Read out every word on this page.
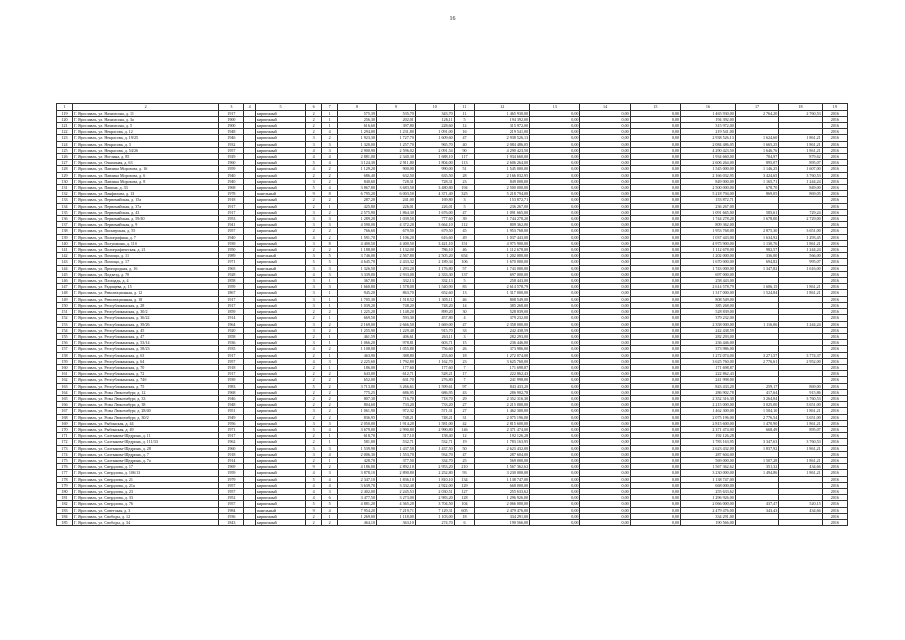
16
1	2	3	4	5	6	7	8	9	10	11	12	13	14	15	16	17	18	19
119	Г. Ярославль, ул. Нахимсона, д. 11	1917		кирпичный	2	1	575,39	535,70	343,70	11	1 465 930,00	0,00	0,00	0,00	1 465 930,00	2 764,20	2 760,53	2016
120	Г. Ярославль, ул. Нахимсона, д. 3а	1900		кирпичный	2	1	256,30	202,01	126,11	5	194 392,00	0,00	0,00	0,00	194 392,00			2016
121	Г. Ярославль, ул. Нахимсона, д. 5	1900		кирпичный	2	1	616,60	397,80	228,60	12	315 972,00	0,00	0,00	0,00	315 972,00			2016
122	Г. Ярославль, ул. Некрасова, д. 12	1948		кирпичный	2	4	1 294,00	1 231,80	1 091,00	16	219 541,00	0,00	0,00	0,00	219 541,00			2016
123	Г. Ярославль, ул. Некрасова, д. 19/25	1946		кирпичный	3	2	1 923,30	1 727,70	1 609,60	47	2 938 526,13	0,00	0,00	0,00	2 938 526,13	1 624,60	1 861,21	2016
124	Г. Ярославль, ул. Некрасова, д. 3	1932		кирпичный	3	3	1 320,00	1 257,70	965,70	40	2 084 486,05	0,00	0,00	0,00	2 084 486,05	1 665,25	1 861,21	2016
125	Г. Ярославль, ул. Некрасова, д. 54/26	1957		кирпичный	4	3	2 900,90	2 596,02	2 091,54	90	4 290 423,50	0,00	0,00	0,00	4 290 423,50	1 646,76	1 861,21	2016
126	Г. Ярославль, ул. Ноглина, д. 85	1929		кирпичный	4	4	2 881,00	2 340,30	1 688,10	117	1 934 660,00	0,00	0,00	0,00	1 934 660,00	704,97	879,62	2016
127	Г. Ярославль, ул. Очкошная, д. 63	1960		кирпичный	5	4	3 124,30	2 911,80	1 804,00	113	2 606 264,00	0,00	0,00	0,00	2 606 264,00	895,07	895,07	2016
128	Г. Ярославль, ул. Павлика Морозова, д. 16	1959		кирпичный	4	2	1 129,20	900,00	990,00	51	1 545 000,00	0,00	0,00	0,00	1 545 000,00	1 146,25	1 607,00	2016
129	Г. Ярославль, ул. Павлика Морозова, д. 6	1940		кирпичный	2	2	686,40	632,50	635,50	28	2 166 032,95	0,00	0,00	0,00	2 166 032,95	3 424,65	3 760,53	2016
130	Г. Ярославль, ул. Павлика Морозова, д. 8	1940		кирпичный	3	2	840,60	728,31	728,31	23	849 000,00	0,00	0,00	0,00	849 000,00	1 165,71	1 244,24	2016
131	Г. Ярославль, ул. Папина, д. 33	1968		кирпичный	5	4	3 867,80	3 683,50	3 480,80	194	2 500 000,00	0,00	0,00	0,00	2 500 000,00	678,70	849,00	2016
132	Г. Ярославль, ул. Панфилова, д. 13	1978		панельный	9	8	6 795,20	6 003,50	4 371,40	325	5 218 794,00	0,00	0,00	0,00	5 218 794,00	869,05	869,05	2016
133	Г. Ярославль, ул. Первомайская, д. 15а	1918		кирпичный	2	2	287,20	241,00	169,80	3	153 872,71	0,00	0,00	0,00	153 872,71			2016
134	Г. Ярославль, ул. Первомайская, д. 37а	1917		кирпичный	2	1	425,80	226,01	226,01	5	236 267,00	0,00	0,00	0,00	236 267,00			2016
135	Г. Ярославль, ул. Первомайская, д. 43	1917		кирпичный	3	2	2 575,90	1 864,30	1 676,00	47	1 091 665,00	0,00	0,00	0,00	1 091 665,00	585,61	729,24	2016
136	Г. Ярославль, ул. Первомайская, д. 59/40	1953		кирпичный	3	3	1 289,20	1 039,50	777,60	39	1 744 278,20	0,00	0,00	0,00	1 744 278,20	1 678,00	2 729,00	2016
137	Г. Ярославль, ул. Первомайская, д. 9	1941		кирпичный	3	3	4 590,00	4 372,20	3 664,10	112	809 362,00	0,00	0,00	0,00	809 362,00			2016
138	Г. Ярославль, ул. Пионерская, д. 55	1957		кирпичный	2	2	766,60	679,50	679,50	45	1 953 768,00	0,00	0,00	0,00	1 953 768,00	2 875,30	3 651,00	2016
139	Г. Ярославль, ул. Полиграфная, д. 7	1940		кирпичный	4	2	1 591,70	1 106,20	616,60	49	1 037 443,00	0,00	0,00	0,00	1 037 443,00	1 634,92	1 293,45	2016
140	Г. Ярославль, ул. Полушкина, д. 11б	1939		кирпичный	3	8	4 400,50	4 400,50	3 421,10	151	4 975 900,00	0,00	0,00	0,00	4 975 900,00	1 130,76	1 861,21	2016
141	Г. Ярославль, ул. Полиграфическая, д. 21	1950		кирпичный	2	2	1 188,00	1 132,00	786,10	46	1 112 678,00	0,00	0,00	0,00	1 112 678,00	982,57	1 244,24	2016
142	Г. Ярославль, ул. Помоща, д. 11	1989		панельный	3	5	3 746,00	2 567,80	2 505,20	654	1 202 000,00	0,00	0,00	0,00	1 202 000,00	336,00	566,00	2016
143	Г. Ярославль, ул. Помоща, д. 17	1971		кирпичный	5	5	4 645,70	2 433,32	2 189,34	106	1 670 000,00	0,00	0,00	0,00	1 670 000,00	694,82	995,07	2016
144	Г. Ярославль, ул. Пригородная, д. 16	1965		панельный	3	3	1 326,50	1 293,20	1 176,80	57	1 743 000,00	0,00	0,00	0,00	1 743 000,00	1 347,82	1 616,00	2016
145	Г. Ярославль, ул. Подъезд, д. 70	1928		кирпичный	4	3	3 339,00	2 933,00	2 333,30	137	697 000,00	0,00	0,00	0,00	697 000,00			2016
146	Г. Ярославль, ул. Площадь, д. 4	1858		кирпичный	3	1	367,80	332,13	332,13	5	258 443,00	0,00	0,00	0,00	258 443,00			2016
147	Г. Ярославль, ул. Радищева, д. 15	1959		кирпичный	3	3	1 660,80	1 578,00	1 540,90	83	2 614 578,79	0,00	0,00	0,00	2 614 578,79	1 606,15	1 861,21	2016
148	Г. Ярославль, ул. Революционная, д. 12	1867		кирпичный	3	1	945,20	863,70	652,60	13	1 317 000,00	0,00	0,00	0,00	1 317 000,00	1 524,84	1 861,21	2016
149	Г. Ярославль, ул. Революционная, д. 18	1917		кирпичный	3	1	1 705,30	1 518,52	1 305,11	46	808 549,00	0,00	0,00	0,00	808 549,00			2016
150	Г. Ярославль, ул. Республиканская, д. 28	1917		кирпичный	3	1	1 039,20	748,20	748,20	14	385 268,00	0,00	0,00	0,00	385 268,00			2016
151	Г. Ярославль, ул. Республиканская, д. 30/2	1859		кирпичный	2	2	1 225,20	1 148,20	899,20	30	528 839,00	0,00	0,00	0,00	528 839,00			2016
152	Г. Ярославль, ул. Республиканская, д. 36/22	1914		кирпичный	2	1	669,50	593,30	457,80	4	379 232,00	0,00	0,00	0,00	379 232,00			2016
153	Г. Ярославль, ул. Республиканская, д. 39/26	1964		кирпичный	3	2	2 169,00	2 666,50	1 669,00	47	2 358 000,00	0,00	0,00	0,00	2 358 000,00	1 116,06	1 244,24	2016
154	Г. Ярославль, ул. Республиканская, д. 45	1920		кирпичный	3	2	1 255,90	1 229,40	915,70	33	242 438,59	0,00	0,00	0,00	242 438,59			2016
155	Г. Ярославль, ул. Республиканская, д. 47	1858		кирпичный	2	1	461,59	406,61	263,11	3	282 293,00	0,00	0,00	0,00	282 293,00			2016
156	Г. Ярославль, ул. Республиканская, д. 53/14	1936		кирпичный	3	1	1 066,20	978,81	603,71	15	236 446,00	0,00	0,00	0,00	236 446,00			2016
157	Г. Ярославль, ул. Республиканская, д. 58/23	1935		кирпичный	4	2	1 108,00	1 055,80	756,60	26	373 986,00	0,00	0,00	0,00	373 986,00			2016
158	Г. Ярославль, ул. Республиканская, д. 63	1917		кирпичный	2	1	463,90	388,80	253,60	18	1 272 074,00	0,00	0,00	0,00	1 272 074,00	3 271,57	3 774,37	2016
159	Г. Ярославль, ул. Республиканская, д. 64	1957		кирпичный	4	3	2 225,60	1 792,80	1 162,70	23	3 625 760,00	0,00	0,00	0,00	3 625 760,00	2 776,61	2 952,00	2016
160	Г. Ярославль, ул. Республиканская, д. 70	1918		кирпичный	2	1	186,00	177,60	177,60	7	171 698,87	0,00	0,00	0,00	171 698,87			2016
161	Г. Ярославль, ул. Республиканская, д. 72	1917		кирпичный	2	2	643,00	612,71	528,21	17	222 862,43	0,00	0,00	0,00	222 862,43			2016
162	Г. Ярославль, ул. Республиканская, д. 74б	1939		кирпичный	2	2	652,00	631,70	276,80	7	241 998,00	0,00	0,00	0,00	241 998,00			2016
163	Г. Ярославль, ул. Республиканская, д. 75	1983		кирпичный	5	2	3 713,80	3 266,61	1 599,61	97	843 433,20	0,00	0,00	0,00	843 433,20	259,17	869,00	2016
164	Г. Ярославль, ул. Розы Люксембург, д. 12	1968		кирпичный	2	2	775,25	686,95	686,95	43	286 902,78	0,00	0,00	0,00	286 902,78	417,64	915,86	2016
165	Г. Ярославль, ул. Розы Люксембург, д. 33	1946		кирпичный	2	2	807,30	716,70	718,70	29	2 352 316,30	0,00	0,00	0,00	2 352 316,30	3 264,84	3 760,53	2016
166	Г. Ярославль, ул. Розы Люксембург, д. 38	1948		кирпичный	2	2	804,60	733,20	733,20	27	2 215 000,00	0,00	0,00	0,00	2 215 000,00	3 025,00	3 651,00	2016
167	Г. Ярославль, ул. Розы Люксембург, д. 28/40	1951		кирпичный	3	2	1 061,90	972,32	571,31	27	1 462 300,00	0,00	0,00	0,00	1 462 300,00	1 504,10	1 861,21	2016
168	Г. Ярославль, ул. Розы Люксембург, д. 30/2	1949		кирпичный	2	2	836,95	748,21	748,21	31	2 075 196,00	0,00	0,00	0,00	2 075 196,00	2 776,54	3 651,00	2016
169	Г. Ярославль, ул. Рыбинская, д. 44	1956		кирпичный	3	3	2 050,00	1 914,20	1 581,00	42	2 815 600,00	0,00	0,00	0,00	2 815 600,00	1 470,90	1 861,21	2016
170	Г. Ярославль, ул. Рыбинская, д. 49	1971		кирпичный	5	4	3 679,00	2 990,80	2 990,80	146	2 371 474,00	0,00	0,00	0,00	2 371 474,00	668,49	895,07	2016
171	Г. Ярославль, ул. Салтыкова-Щедрина, д. 11	1917		кирпичный	2	1	618,70	317,10	158,40	12	192 126,28	0,00	0,00	0,00	192 126,28			2016
172	Г. Ярославль, ул. Салтыкова-Щедрина, д. 111/33	1962		кирпичный	2	1	581,00	532,71	532,71	19	1 783 163,95	0,00	0,00	0,00	1 783 163,95	3 347,63	3 760,53	2016
173	Г. Ярославль, ул. Салтыкова-Щедрина, д. 28	1960		кирпичный	3	3	1 539,90	1 437,50	1 437,50	50	2 623 432,00	0,00	0,00	0,00	2 623 432,00	1 837,92	1 861,21	2016
174	Г. Ярославль, ул. Салтыкова-Щедрина, д. 7	1918		кирпичный	3	4	2 006,30	1 553,70	934,70	47	287 604,00	0,00	0,00	0,00	287 604,00			2016
175	Г. Ярославль, ул. Салтыкова-Щедрина, д. 7а	1914		кирпичный	2	1	428,70	377,50	334,70	25	569 000,00	0,00	0,00	0,00	569 000,00	1 507,28	1 861,21	2016
176	Г. Ярославль, ул. Свердлова, д. 17	1969		кирпичный	9	2	4 186,00	2 892,10	2 953,20	210	1 567 362,62	0,00	0,00	0,00	1 567 362,62	351,32	434,66	2016
177	Г. Ярославль, ул. Свердлова, д. 106/13	1959		кирпичный	4	3	3 878,10	2 890,80	2 252,80	93	3 230 000,00	0,00	0,00	0,00	3 230 000,00	1 494,86	1 861,21	2016
178	Г. Ярославль, ул. Свердлова, д. 21	1979		кирпичный	5	4	2 347,10	1 836,10	1 810,10	134	1 138 747,00	0,00	0,00	0,00	1 138 747,00			2016
179	Г. Ярославль, ул. Свердлова, д. 21а	1957		кирпичный	4	4	3 639,70	3 332,40	2 922,00	129	668 000,00	0,00	0,00	0,00	668 000,00			2016
180	Г. Ярославль, ул. Свердлова, д. 23	1957		кирпичный	4	3	2 402,00	2 245,53	2 030,51	127	255 633,62	0,00	0,00	0,00	255 633,62			2016
181	Г. Ярославль, ул. Свердлова, д. 33	1952		кирпичный	4	6	3 477,50	3 273,00	2 983,20	128	1 296 926,00	0,00	0,00	0,00	1 296 926,00			2016
182	Г. Ярославль, ул. Свердлова, д. 76	1957		кирпичный	5	5	4 881,20	4 365,20	3 704,50	104	2 066 000,00	0,00	0,00	0,00	2 066 000,00	437,47	520,15	2016
183	Г. Ярославль, ул. Советская, д. 3	1984		панельный	9	4	7 954,20	7 219,71	7 129,31	605	2 479 476,00	0,00	0,00	0,00	2 479 476,00	343,43	434,66	2016
184	Г. Ярославль, ул. Свободы, д. 12	1936		кирпичный	2	1	1 269,00	1 118,00	1 103,00	18	334 291,00	0,00	0,00	0,00	334 291,00			2016
185	Г. Ярославль, ул. Свободы, д. 34	1843		кирпичный	2	2	464,10	363,10	274,70	6	190 566,00	0,00	0,00	0,00	190 566,00			2016
